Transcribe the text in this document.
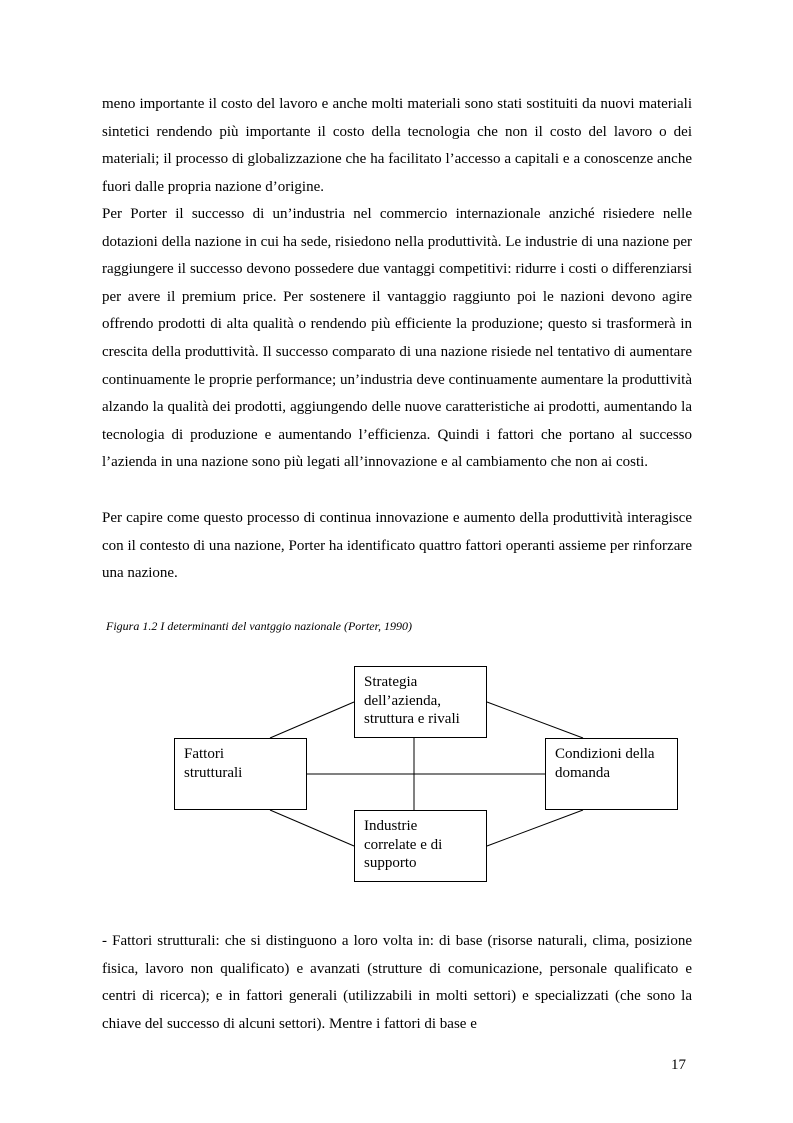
meno importante il costo del lavoro e anche molti materiali sono stati sostituiti da nuovi materiali sintetici rendendo più importante il costo della tecnologia che non il costo del lavoro o dei materiali; il processo di globalizzazione che ha facilitato l’accesso a capitali e a conoscenze anche fuori dalle propria nazione d’origine.

Per Porter il successo di un’industria nel commercio internazionale anziché risiedere nelle dotazioni della nazione in cui ha sede, risiedono nella produttività. Le industrie di una nazione per raggiungere il successo devono possedere due vantaggi competitivi: ridurre i costi o differenziarsi per avere il premium price. Per sostenere il vantaggio raggiunto poi le nazioni devono agire offrendo prodotti di alta qualità o rendendo più efficiente la produzione; questo si trasformerà in crescita della produttività. Il successo comparato di una nazione risiede nel tentativo di aumentare continuamente le proprie performance; un’industria deve continuamente aumentare la produttività alzando la qualità dei prodotti, aggiungendo delle nuove caratteristiche ai prodotti, aumentando la tecnologia di produzione e aumentando l’efficienza. Quindi i fattori che portano al successo l’azienda in una nazione sono più legati all’innovazione e al cambiamento che non ai costi.

Per capire come questo processo di continua innovazione e aumento della produttività interagisce con il contesto di una nazione, Porter ha identificato quattro fattori operanti assieme per rinforzare una nazione.

Figura 1.2 I determinanti del vantggio nazionale (Porter, 1990)

Strategia
dell’azienda,
struttura e rivali
Fattori
strutturali
Condizioni della
domanda
Industrie
correlate e di
supporto

- Fattori strutturali: che si distinguono a loro volta in: di base (risorse naturali, clima, posizione fisica, lavoro non qualificato) e avanzati (strutture di comunicazione, personale qualificato e centri di ricerca); e in fattori generali (utilizzabili in molti settori) e specializzati (che sono la chiave del successo di alcuni settori). Mentre i fattori di base e

17
